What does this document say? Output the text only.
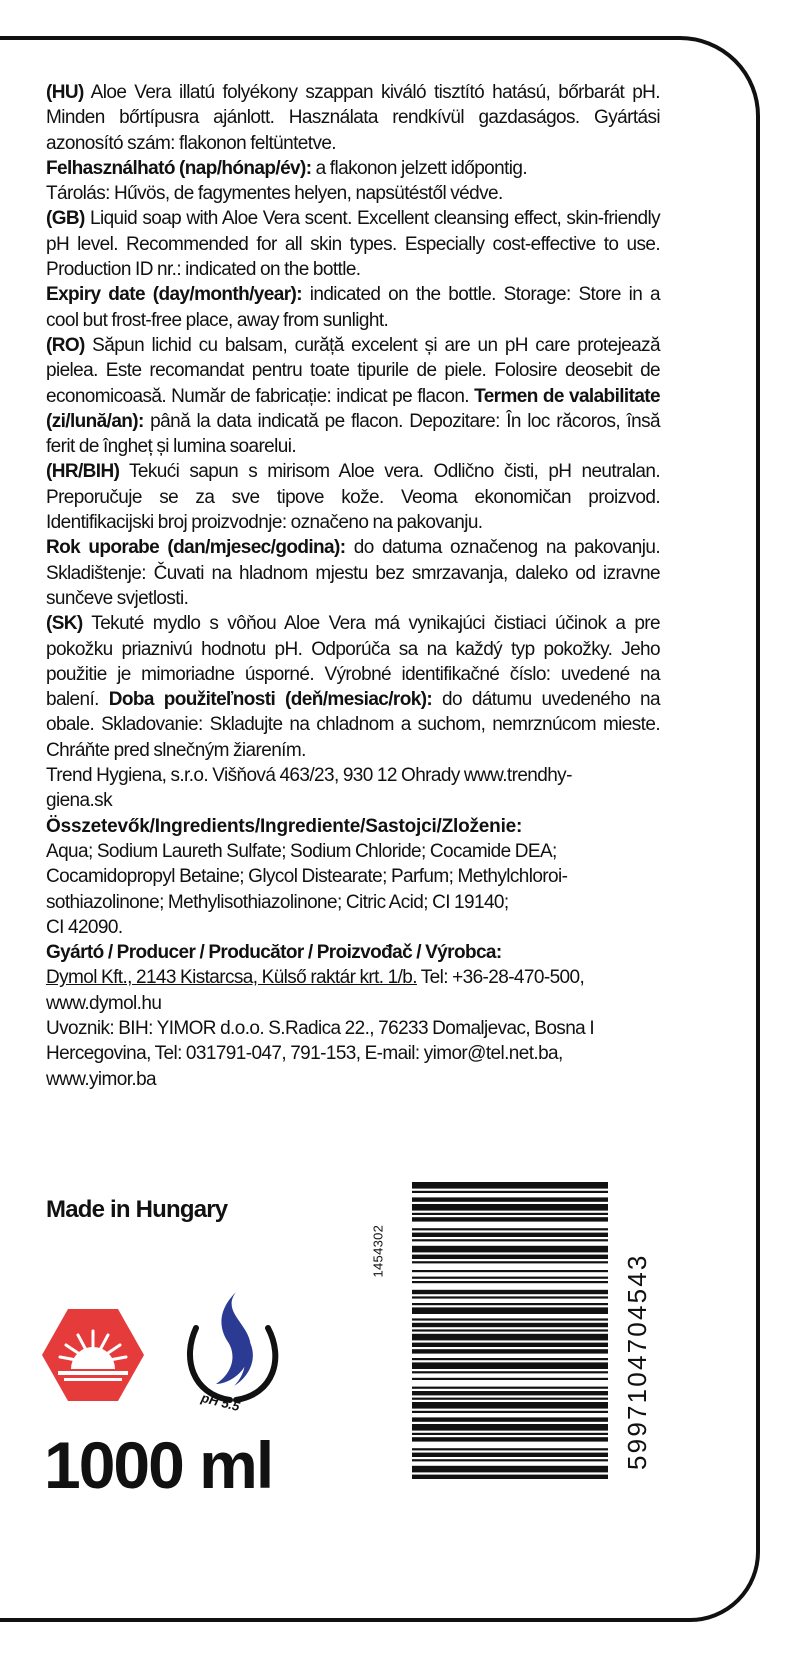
(HU) Aloe Vera illatú folyékony szappan kiváló tisztító hatású, bőrbarát pH. Minden bőrtípusra ajánlott. Használata rendkívül gazdaságos. Gyártási azonosító szám: flakonon feltüntetve.

Felhasználható (nap/hónap/év): a flakonon jelzett időpontig.

Tárolás: Hűvös, de fagymentes helyen, napsütéstől védve.

(GB) Liquid soap with Aloe Vera scent. Excellent cleansing effect, skin-friendly pH level. Recommended for all skin types. Especially cost-effective to use. Production ID nr.: indicated on the bottle.

Expiry date (day/month/year): indicated on the bottle. Storage: Store in a cool but frost-free place, away from sunlight.

(RO) Săpun lichid cu balsam, curăță excelent și are un pH care protejează pielea. Este recomandat pentru toate tipurile de piele. Folosire deosebit de economicoasă. Număr de fabricație: indicat pe flacon. Termen de valabilitate (zi/lună/an): până la data indicată pe flacon. Depozitare: În loc răcoros, însă ferit de îngheț și lumina soarelui.

(HR/BIH) Tekući sapun s mirisom Aloe vera. Odlično čisti, pH neutralan. Preporučuje se za sve tipove kože. Veoma ekonomičan proizvod. Identifikacijski broj proizvodnje: označeno na pakovanju.

Rok uporabe (dan/mjesec/godina): do datuma označenog na pakovanju. Skladištenje: Čuvati na hladnom mjestu bez smrzavanja, daleko od izravne sunčeve svjetlosti.

(SK) Tekuté mydlo s vôňou Aloe Vera má vynikajúci čistiaci účinok a pre pokožku priaznivú hodnotu pH. Odporúča sa na každý typ pokožky. Jeho použitie je mimoriadne úsporné. Výrobné identifikačné číslo: uvedené na balení. Doba použiteľnosti (deň/mesiac/rok): do dátumu uvedeného na obale. Skladovanie: Skladujte na chladnom a suchom, nemrznúcom mieste. Chráňte pred slnečným žiarením.

Trend Hygiena, s.r.o. Višňová 463/23, 930 12 Ohrady www.trendhy-
giena.sk

Összetevők/Ingredients/Ingrediente/Sastojci/Zloženie:

Aqua; Sodium Laureth Sulfate; Sodium Chloride; Cocamide DEA;
Cocamidopropyl Betaine; Glycol Distearate; Parfum; Methylchloroi-
sothiazolinone; Methylisothiazolinone; Citric Acid; CI 19140;
CI 42090.

Gyártó / Producer / Producător / Proizvođač / Výrobca:

Dymol Kft., 2143 Kistarcsa, Külső raktár krt. 1/b. Tel: +36-28-470-500,
www.dymol.hu

Uvoznik: BIH: YIMOR d.o.o. S.Radica 22., 76233 Domaljevac, Bosna I
Hercegovina, Tel: 031791-047, 791-153, E-mail: yimor@tel.net.ba,
www.yimor.ba

Made in Hungary
1454302
5997104704543
pH 5.5
1000 ml
